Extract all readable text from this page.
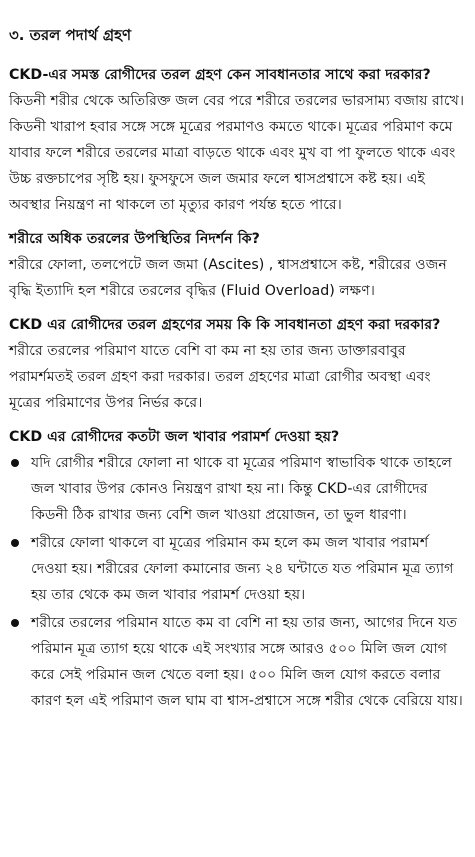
৩. তরল পদার্থ গ্রহণ
CKD-এর সমস্ত রোগীদের তরল গ্রহণ কেন সাবধানতার সাথে করা দরকার?
কিডনী শরীর থেকে অতিরিক্ত জল বের পরে শরীরে তরলের ভারসাম্য বজায় রাখে। কিডনী খারাপ হবার সঙ্গে সঙ্গে মূত্রের পরমাণও কমতে থাকে। মূত্রের পরিমাণ কমে যাবার ফলে শরীরে তরলের মাত্রা বাড়তে থাকে এবং মুখ বা পা ফুলতে থাকে এবং উচ্চ রক্তচাপের সৃষ্টি হয়। ফুসফুসে জল জমার ফলে শ্বাসপ্রশ্বাসে কষ্ট হয়। এই অবস্থার নিয়ন্ত্রণ না থাকলে তা মৃত্যুর কারণ পর্যন্ত হতে পারে।
শরীরে অধিক তরলের উপস্থিতির নিদর্শন কি?
শরীরে ফোলা, তলপেটে জল জমা (Ascites) , শ্বাসপ্রশ্বাসে কষ্ট, শরীরের ওজন বৃদ্ধি ইত্যাদি হল শরীরে তরলের বৃদ্ধির (Fluid Overload) লক্ষণ।
CKD এর রোগীদের তরল গ্রহণের সময় কি কি সাবধানতা গ্রহণ করা দরকার?
শরীরে তরলের পরিমাণ যাতে বেশি বা কম না হয় তার জন্য ডাক্তারবাবুর পরামর্শমতই তরল গ্রহণ করা দরকার। তরল গ্রহণের মাত্রা রোগীর অবস্থা এবং মূত্রের পরিমাণের উপর নির্ভর করে।
CKD এর রোগীদের কতটা জল খাবার পরামর্শ দেওয়া হয়?
যদি রোগীর শরীরে ফোলা না থাকে বা মূত্রের পরিমাণ স্বাভাবিক থাকে তাহলে জল খাবার উপর কোনও নিয়ন্ত্রণ রাখা হয় না। কিন্তু CKD-এর রোগীদের কিডনী ঠিক রাখার জন্য বেশি জল খাওয়া প্রয়োজন, তা ভুল ধারণা।
শরীরে ফোলা থাকলে বা মূত্রের পরিমান কম হলে কম জল খাবার পরামর্শ দেওয়া হয়। শরীরের ফোলা কমানোর জন্য ২৪ ঘন্টাতে যত পরিমান মূত্র ত্যাগ হয় তার থেকে কম জল খাবার পরামর্শ দেওয়া হয়।
শরীরে তরলের পরিমান যাতে কম বা বেশি না হয় তার জন্য, আগের দিনে যত পরিমান মূত্র ত্যাগ হয়ে থাকে এই সংখ্যার সঙ্গে আরও ৫০০ মিলি জল যোগ করে সেই পরিমান জল খেতে বলা হয়। ৫০০ মিলি জল যোগ করতে বলার কারণ হল এই পরিমাণ জল ঘাম বা শ্বাস-প্রশ্বাসে সঙ্গে শরীর থেকে বেরিয়ে যায়।
